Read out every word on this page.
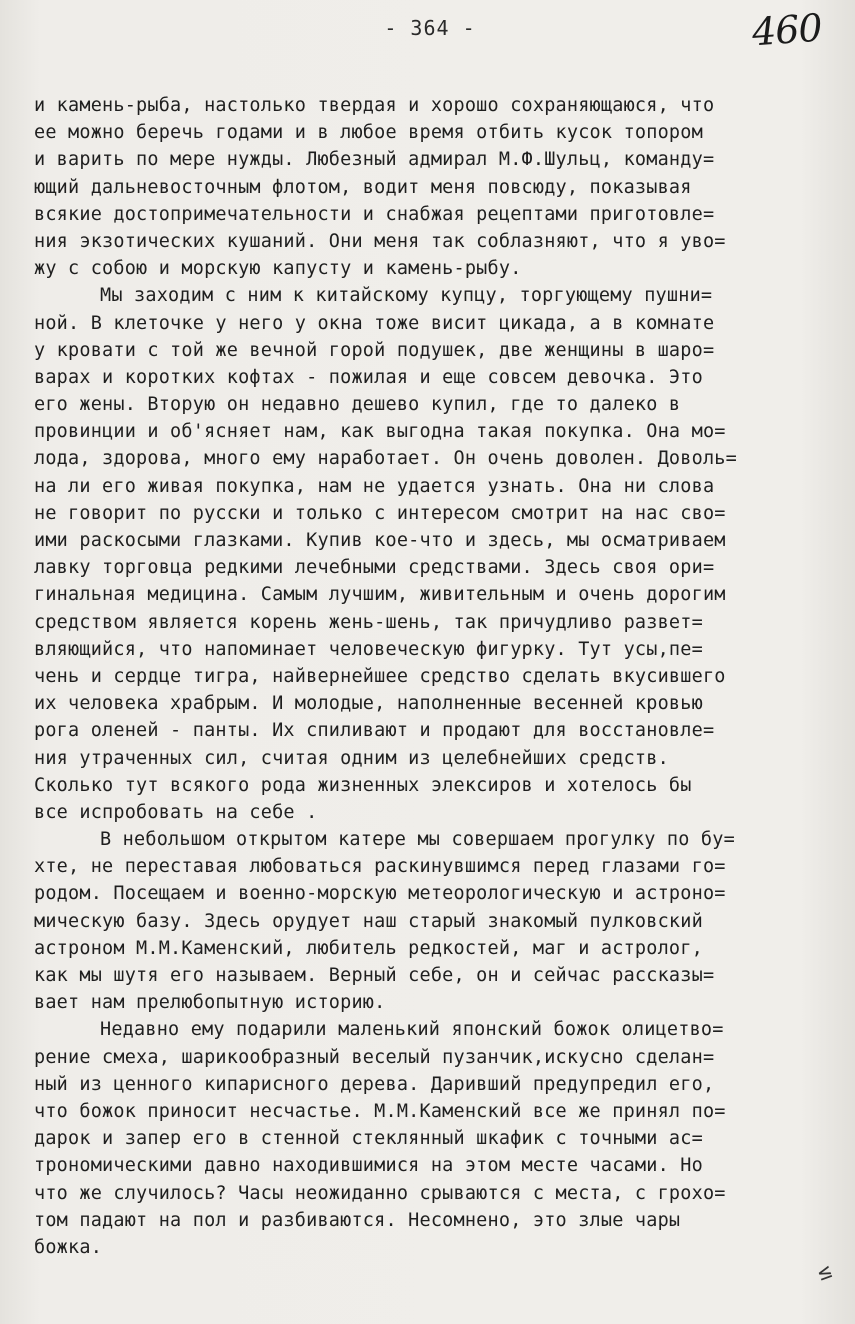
- 364 -	460
и камень-рыба, настолько твердая и хорошо сохраняющаюся, что
ее можно беречь годами и в любое время отбить кусок топором
и варить по мере нужды. Любезный адмирал М.Ф.Шульц, команду=
ющий дальневосточным флотом, водит меня повсюду, показывая
всякие достопримечательности и снабжая рецептами приготовле=
ния экзотических кушаний. Они меня так соблазняют, что я уво=
жу с собою и морскую капусту и камень-рыбу.
Мы заходим с ним к китайскому купцу, торгующему пушни=
ной. В клеточке у него у окна тоже висит цикада, а в комнате
у кровати с той же вечной горой подушек, две женщины в шаро=
варах и коротких кофтах - пожилая и еще совсем девочка. Это
его жены. Вторую он недавно дешево купил, где то далеко в
провинции и об'ясняет нам, как выгодна такая покупка. Она мо=
лода, здорова, много ему наработает. Он очень доволен. Доволь=
на ли его живая покупка, нам не удается узнать. Она ни слова
не говорит по русски и только с интересом смотрит на нас сво=
ими раскосыми глазками. Купив кое-что и здесь, мы осматриваем
лавку торговца редкими лечебными средствами. Здесь своя ори=
гинальная медицина. Самым лучшим, живительным и очень дорогим
средством является корень жень-шень, так причудливо развет=
вляющийся, что напоминает человеческую фигурку. Тут усы,пе=
чень и сердце тигра, найвернейшее средство сделать вкусившего
их человека храбрым. И молодые, наполненные весенней кровью
рога оленей - панты. Их спиливают и продают для восстановле=
ния утраченных сил, считая одним из целебнейших средств.
Сколько тут всякого рода жизненных элексиров и хотелось бы
все испробовать на себе .
В небольшом открытом катере мы совершаем прогулку по бу=
хте, не переставая любоваться раскинувшимся перед глазами го=
родом. Посещаем и военно-морскую метеорологическую и астроно=
мическую базу. Здесь орудует наш старый знакомый пулковский
астроном М.М.Каменский, любитель редкостей, маг и астролог,
как мы шутя его называем. Верный себе, он и сейчас рассказы=
вает нам прелюбопытную историю.
Недавно ему подарили маленький японский божок олицетво=
рение смеха, шарикообразный веселый пузанчик,искусно сделан=
ный из ценного кипарисного дерева. Даривший предупредил его,
что божок приносит несчастье. М.М.Каменский все же принял по=
дарок и запер его в стенной стеклянный шкафик с точными ас=
трономическими давно находившимися на этом месте часами. Но
что же случилось? Часы неожиданно срываются с места, с грохо=
том падают на пол и разбиваются. Несомнено, это злые чары
божка.
≤
